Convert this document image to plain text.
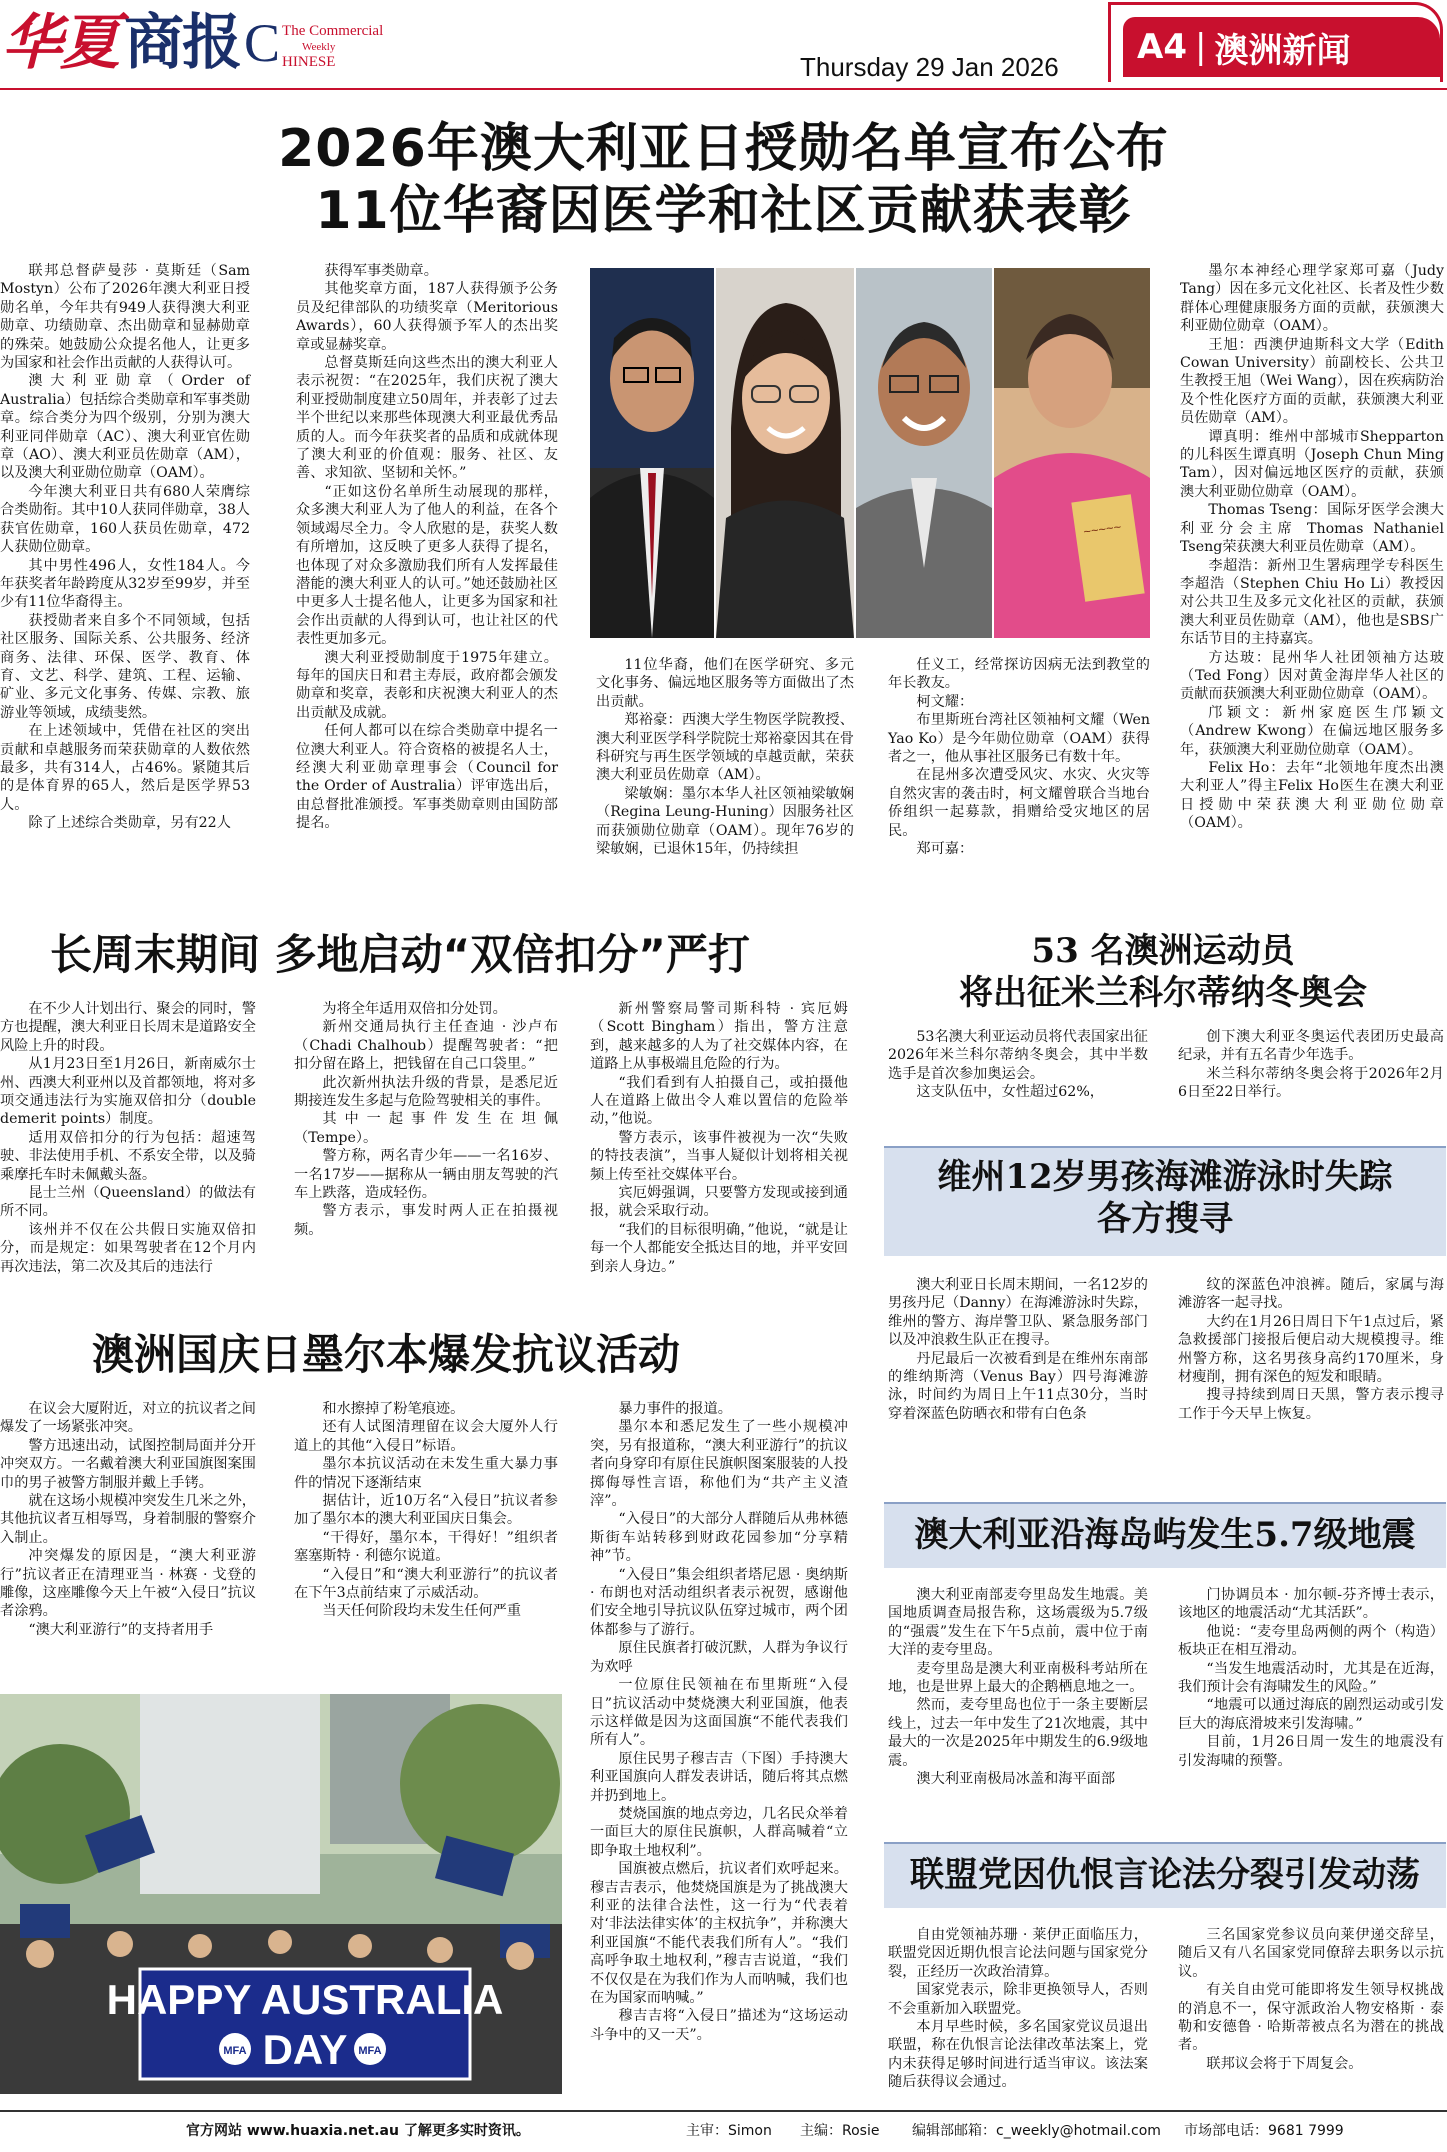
华夏 商报 C The Commercial
Weekly
HINESE	Thursday 29 Jan 2026 A4 | 澳洲新闻
2026年澳大利亚日授勋名单宣布公布
11位华裔因医学和社区贡献获表彰

联邦总督萨曼莎 · 莫斯廷（Sam Mostyn）公布了2026年澳大利亚日授勋名单，今年共有949人获得澳大利亚勋章、功绩勋章、杰出勋章和显赫勋章的殊荣。她鼓励公众提名他人，让更多为国家和社会作出贡献的人获得认可。

澳大利亚勋章（Order of Australia）包括综合类勋章和军事类勋章。综合类分为四个级别，分别为澳大利亚同伴勋章（AC）、澳大利亚官佐勋章（AO）、澳大利亚员佐勋章（AM），以及澳大利亚勋位勋章（OAM）。

今年澳大利亚日共有680人荣膺综合类勋衔。其中10人获同伴勋章，38人获官佐勋章，160人获员佐勋章，472人获勋位勋章。

其中男性496人，女性184人。今年获奖者年龄跨度从32岁至99岁，并至少有11位华裔得主。

获授勋者来自多个不同领域，包括社区服务、国际关系、公共服务、经济商务、法律、环保、医学、教育、体育、文艺、科学、建筑、工程、运输、矿业、多元文化事务、传媒、宗教、旅游业等领域，成绩斐然。

在上述领域中，凭借在社区的突出贡献和卓越服务而荣获勋章的人数依然最多，共有314人，占46%。紧随其后的是体育界的65人，然后是医学界53人。

除了上述综合类勋章，另有22人

获得军事类勋章。

其他奖章方面，187人获得颁予公务员及纪律部队的功绩奖章（Meritorious Awards），60人获得颁予军人的杰出奖章或显赫奖章。

总督莫斯廷向这些杰出的澳大利亚人表示祝贺：“在2025年，我们庆祝了澳大利亚授勋制度建立50周年，并表彰了过去半个世纪以来那些体现澳大利亚最优秀品质的人。而今年获奖者的品质和成就体现了澳大利亚的价值观：服务、社区、友善、求知欲、坚韧和关怀。”

“正如这份名单所生动展现的那样，众多澳大利亚人为了他人的利益，在各个领域竭尽全力。令人欣慰的是，获奖人数有所增加，这反映了更多人获得了提名，也体现了对众多激励我们所有人发挥最佳潜能的澳大利亚人的认可。”她还鼓励社区中更多人士提名他人，让更多为国家和社会作出贡献的人得到认可，也让社区的代表性更加多元。

澳大利亚授勋制度于1975年建立。每年的国庆日和君主寿辰，政府都会颁发勋章和奖章，表彰和庆祝澳大利亚人的杰出贡献及成就。

任何人都可以在综合类勋章中提名一位澳大利亚人。符合资格的被提名人士，经澳大利亚勋章理事会（Council for the Order of Australia）评审选出后，由总督批准颁授。军事类勋章则由国防部提名。

~~~~~

11位华裔，他们在医学研究、多元文化事务、偏远地区服务等方面做出了杰出贡献。

郑裕豪：西澳大学生物医学院教授、澳大利亚医学科学院院士郑裕豪因其在骨科研究与再生医学领域的卓越贡献，荣获澳大利亚员佐勋章（AM）。

梁敏娴：墨尔本华人社区领袖梁敏娴（Regina Leung-Huning）因服务社区而获颁勋位勋章（OAM）。现年76岁的梁敏娴，已退休15年，仍持续担

任义工，经常探访因病无法到教堂的年长教友。

柯文耀：

布里斯班台湾社区领袖柯文耀（Wen Yao Ko）是今年勋位勋章（OAM）获得者之一，他从事社区服务已有数十年。

在昆州多次遭受风灾、水灾、火灾等自然灾害的袭击时，柯文耀曾联合当地台侨组织一起募款，捐赠给受灾地区的居民。

郑可嘉：

墨尔本神经心理学家郑可嘉（Judy Tang）因在多元文化社区、长者及性少数群体心理健康服务方面的贡献，获颁澳大利亚勋位勋章（OAM）。

王旭：西澳伊迪斯科文大学（Edith Cowan University）前副校长、公共卫生教授王旭（Wei Wang），因在疾病防治及个性化医疗方面的贡献，获颁澳大利亚员佐勋章（AM）。

谭真明：维州中部城市Shepparton的儿科医生谭真明（Joseph Chun Ming Tam），因对偏远地区医疗的贡献，获颁澳大利亚勋位勋章（OAM）。

Thomas Tseng：国际牙医学会澳大利亚分会主席 Thomas Nathaniel Tseng荣获澳大利亚员佐勋章（AM）。

李超浩：新州卫生署病理学专科医生李超浩（Stephen Chiu Ho Li）教授因对公共卫生及多元文化社区的贡献，获颁澳大利亚员佐勋章（AM），他也是SBS广东话节目的主持嘉宾。

方达玻：昆州华人社团领袖方达玻（Ted Fong）因对黄金海岸华人社区的贡献而获颁澳大利亚勋位勋章（OAM）。

邝颖文：新州家庭医生邝颖文（Andrew Kwong）在偏远地区服务多年，获颁澳大利亚勋位勋章（OAM）。

Felix Ho：去年“北领地年度杰出澳大利亚人”得主Felix Ho医生在澳大利亚日授勋中荣获澳大利亚勋位勋章（OAM）。

长周末期间 多地启动“双倍扣分”严打

在不少人计划出行、聚会的同时，警方也提醒，澳大利亚日长周末是道路安全风险上升的时段。

从1月23日至1月26日，新南威尔士州、西澳大利亚州以及首都领地，将对多项交通违法行为实施双倍扣分（double demerit points）制度。

适用双倍扣分的行为包括：超速驾驶、非法使用手机、不系安全带，以及骑乘摩托车时未佩戴头盔。

昆士兰州（Queensland）的做法有所不同。

该州并不仅在公共假日实施双倍扣分，而是规定：如果驾驶者在12个月内再次违法，第二次及其后的违法行

为将全年适用双倍扣分处罚。

新州交通局执行主任查迪 · 沙卢布（Chadi Chalhoub）提醒驾驶者：“把扣分留在路上，把钱留在自己口袋里。”

此次新州执法升级的背景，是悉尼近期接连发生多起与危险驾驶相关的事件。

其中一起事件发生在坦佩（Tempe）。

警方称，两名青少年——一名16岁、一名17岁——据称从一辆由朋友驾驶的汽车上跌落，造成轻伤。

警方表示，事发时两人正在拍摄视频。

新州警察局警司斯科特 · 宾厄姆（Scott Bingham）指出，警方注意到，越来越多的人为了社交媒体内容，在道路上从事极端且危险的行为。

“我们看到有人拍摄自己，或拍摄他人在道路上做出令人难以置信的危险举动，”他说。

警方表示，该事件被视为一次“失败的特技表演”，当事人疑似计划将相关视频上传至社交媒体平台。

宾厄姆强调，只要警方发现或接到通报，就会采取行动。

“我们的目标很明确，”他说，“就是让每一个人都能安全抵达目的地，并平安回到亲人身边。”

澳洲国庆日墨尔本爆发抗议活动

在议会大厦附近，对立的抗议者之间爆发了一场紧张冲突。

警方迅速出动，试图控制局面并分开冲突双方。一名戴着澳大利亚国旗图案围巾的男子被警方制服并戴上手铐。

就在这场小规模冲突发生几米之外，其他抗议者互相辱骂，身着制服的警察介入制止。

冲突爆发的原因是，“澳大利亚游行”抗议者正在清理亚当 · 林赛 · 戈登的雕像，这座雕像今天上午被“入侵日”抗议者涂鸦。

“澳大利亚游行”的支持者用手

和水擦掉了粉笔痕迹。

还有人试图清理留在议会大厦外人行道上的其他“入侵日”标语。

墨尔本抗议活动在未发生重大暴力事件的情况下逐渐结束

据估计，近10万名“入侵日”抗议者参加了墨尔本的澳大利亚国庆日集会。

“干得好，墨尔本，干得好！”组织者塞塞斯特 · 利德尔说道。

“入侵日”和“澳大利亚游行”的抗议者在下午3点前结束了示威活动。

当天任何阶段均未发生任何严重

暴力事件的报道。

墨尔本和悉尼发生了一些小规模冲突，另有报道称，“澳大利亚游行”的抗议者向身穿印有原住民旗帜图案服装的人投掷侮辱性言语，称他们为“共产主义渣滓”。

“入侵日”的大部分人群随后从弗林德斯街车站转移到财政花园参加“分享精神”节。

“入侵日”集会组织者塔尼恩 · 奥纳斯 · 布朗也对活动组织者表示祝贺，感谢他们安全地引导抗议队伍穿过城市，两个团体都参与了游行。

原住民旗者打破沉默，人群为争议行为欢呼

一位原住民领袖在布里斯班“入侵日”抗议活动中焚烧澳大利亚国旗，他表示这样做是因为这面国旗“不能代表我们所有人”。

原住民男子穆吉吉（下图）手持澳大利亚国旗向人群发表讲话，随后将其点燃并扔到地上。

焚烧国旗的地点旁边，几名民众举着一面巨大的原住民旗帜，人群高喊着“立即争取土地权利”。

国旗被点燃后，抗议者们欢呼起来。穆吉吉表示，他焚烧国旗是为了挑战澳大利亚的法律合法性，这一行为“代表着对‘非法法律实体’的主权抗争”，并称澳大利亚国旗“不能代表我们所有人”。“我们高呼争取土地权利，”穆吉吉说道，“我们不仅仅是在为我们作为人而呐喊，我们也在为国家而呐喊。”

穆吉吉将“入侵日”描述为“这场运动斗争中的又一天”。

HAPPY AUSTRALIA
DAY
MFA	MFA
53 名澳洲运动员
将出征米兰科尔蒂纳冬奥会

53名澳大利亚运动员将代表国家出征2026年米兰科尔蒂纳冬奥会，其中半数选手是首次参加奥运会。

这支队伍中，女性超过62%，

创下澳大利亚冬奥运代表团历史最高纪录，并有五名青少年选手。

米兰科尔蒂纳冬奥会将于2026年2月6日至22日举行。

维州12岁男孩海滩游泳时失踪
各方搜寻

澳大利亚日长周末期间，一名12岁的男孩丹尼（Danny）在海滩游泳时失踪，维州的警方、海岸警卫队、紧急服务部门以及冲浪救生队正在搜寻。

丹尼最后一次被看到是在维州东南部的维纳斯湾（Venus Bay）四号海滩游泳，时间约为周日上午11点30分，当时穿着深蓝色防晒衣和带有白色条

纹的深蓝色冲浪裤。随后，家属与海滩游客一起寻找。

大约在1月26日周日下午1点过后，紧急救援部门接报后便启动大规模搜寻。维州警方称，这名男孩身高约170厘米，身材瘦削，拥有深色的短发和眼睛。

搜寻持续到周日天黑，警方表示搜寻工作于今天早上恢复。

澳大利亚沿海岛屿发生5.7级地震

澳大利亚南部麦夸里岛发生地震。美国地质调查局报告称，这场震级为5.7级的“强震”发生在下午5点前，震中位于南大洋的麦夸里岛。

麦夸里岛是澳大利亚南极科考站所在地，也是世界上最大的企鹅栖息地之一。

然而，麦夸里岛也位于一条主要断层线上，过去一年中发生了21次地震，其中最大的一次是2025年中期发生的6.9级地震。

澳大利亚南极局冰盖和海平面部

门协调员本 · 加尔顿-芬齐博士表示，该地区的地震活动“尤其活跃”。

他说：“麦夸里岛两侧的两个（构造）板块正在相互滑动。

“当发生地震活动时，尤其是在近海，我们预计会有海啸发生的风险。”

“地震可以通过海底的剧烈运动或引发巨大的海底滑坡来引发海啸。”

目前，1月26日周一发生的地震没有引发海啸的预警。

联盟党因仇恨言论法分裂引发动荡

自由党领袖苏珊 · 莱伊正面临压力，联盟党因近期仇恨言论法问题与国家党分裂，正经历一次政治清算。

国家党表示，除非更换领导人，否则不会重新加入联盟党。

本月早些时候，多名国家党议员退出联盟，称在仇恨言论法律改革法案上，党内未获得足够时间进行适当审议。该法案随后获得议会通过。

三名国家党参议员向莱伊递交辞呈，随后又有八名国家党同僚辞去职务以示抗议。

有关自由党可能即将发生领导权挑战的消息不一，保守派政治人物安格斯 · 泰勒和安德鲁 · 哈斯蒂被点名为潜在的挑战者。

联邦议会将于下周复会。

官方网站 www.huaxia.net.au 了解更多实时资讯。	主审：Simon 主编：Rosie 编辑部邮箱：c_weekly@hotmail.com 市场部电话：9681 7999
